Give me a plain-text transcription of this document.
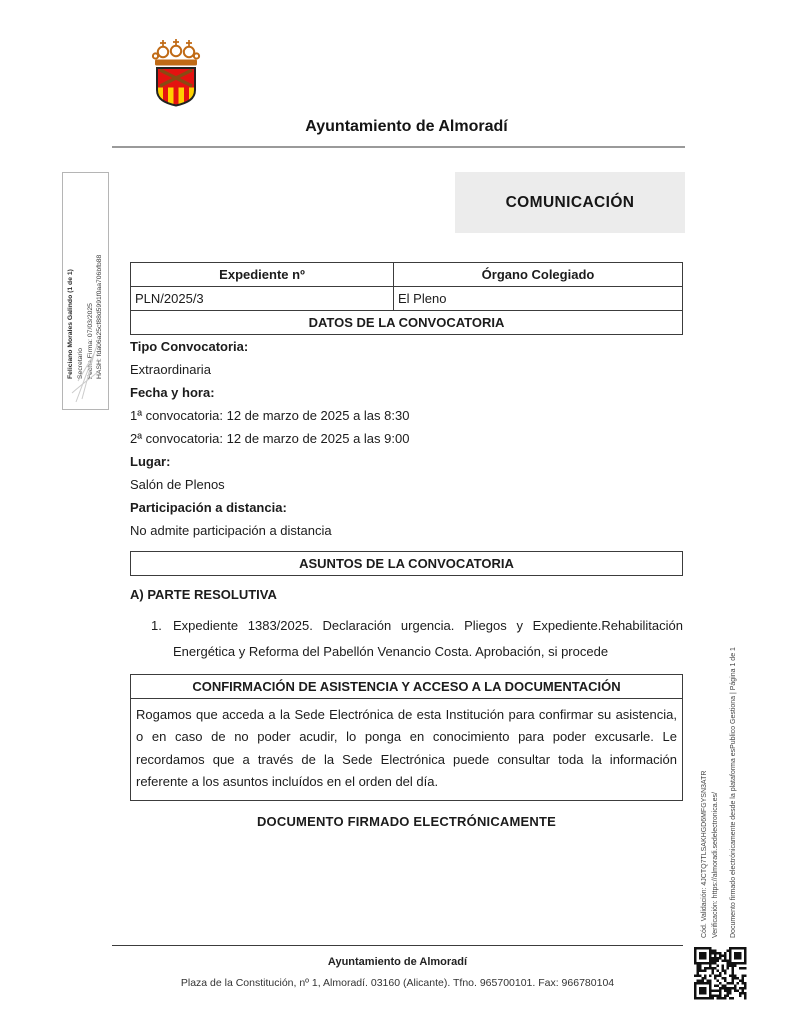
Feliciano Morales Galindo (1 de 1) Secretario Fecha Firma: 07/03/2025 HASH: fda06a25cf88d5991f0aa706bfb88
Ayuntamiento de Almoradí
COMUNICACIÓN
Expediente nº	Órgano Colegiado
PLN/2025/3	El Pleno
DATOS DE LA CONVOCATORIA	

Tipo Convocatoria:

Extraordinaria

Fecha y hora:

1ª convocatoria: 12 de marzo de 2025 a las 8:30

2ª convocatoria: 12 de marzo de 2025 a las 9:00

Lugar:

Salón de Plenos

Participación a distancia:

No admite participación a distancia

ASUNTOS DE LA CONVOCATORIA
A) PARTE RESOLUTIVA
1. Expediente 1383/2025. Declaración urgencia. Pliegos y Expediente.Rehabilitación Energética y Reforma del Pabellón Venancio Costa. Aprobación, si procede
CONFIRMACIÓN DE ASISTENCIA Y ACCESO A LA DOCUMENTACIÓN
Rogamos que acceda a la Sede Electrónica de esta Institución para confirmar su asistencia, o en caso de no poder acudir, lo ponga en conocimiento para poder excusarle. Le recordamos que a través de la Sede Electrónica puede consultar toda la información referente a los asuntos incluídos en el orden del día.
DOCUMENTO FIRMADO ELECTRÓNICAMENTE
Ayuntamiento de Almoradí
Plaza de la Constitución, nº 1, Almoradí. 03160 (Alicante). Tfno. 965700101. Fax: 966780104
Cód. Validación: 4JCTQ7TLSAKHGD6MFGYSN3ATR Verificación: https://almoradi.sedelectronica.es/	Documento firmado electrónicamente desde la plataforma esPublico Gestiona | Página 1 de 1
